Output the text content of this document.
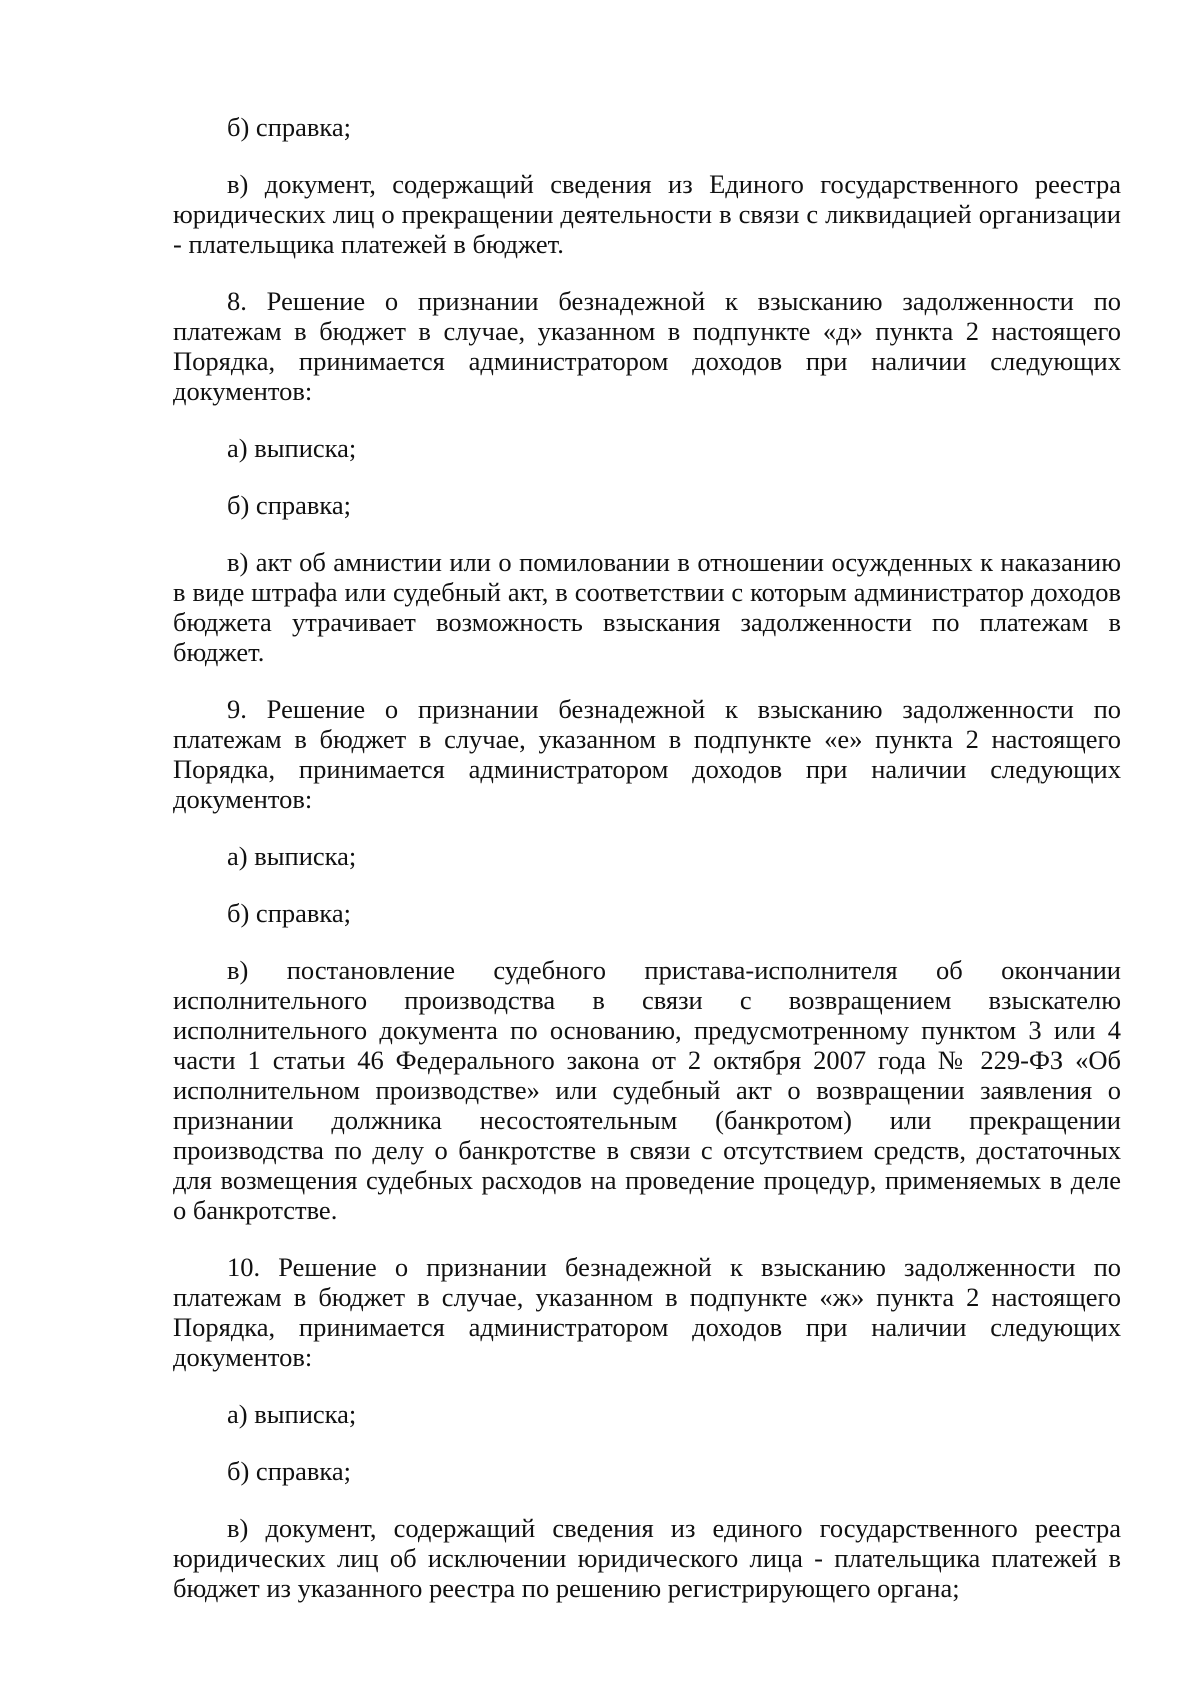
б) справка;

в) документ, содержащий сведения из Единого государственного реестра юридических лиц о прекращении деятельности в связи с ликвидацией организации - плательщика платежей в бюджет.

8. Решение о признании безнадежной к взысканию задолженности по платежам в бюджет в случае, указанном в подпункте «д» пункта 2 настоящего Порядка, принимается администратором доходов при наличии следующих документов:

а) выписка;

б) справка;

в) акт об амнистии или о помиловании в отношении осужденных к наказанию в виде штрафа или судебный акт, в соответствии с которым администратор доходов бюджета утрачивает возможность взыскания задолженности по платежам в бюджет.

9. Решение о признании безнадежной к взысканию задолженности по платежам в бюджет в случае, указанном в подпункте «е» пункта 2 настоящего Порядка, принимается администратором доходов при наличии следующих документов:

а) выписка;

б) справка;

в) постановление судебного пристава-исполнителя об окончании исполнительного производства в связи с возвращением взыскателю исполнительного документа по основанию, предусмотренному пунктом 3 или 4 части 1 статьи 46 Федерального закона от 2 октября 2007 года № 229-ФЗ «Об исполнительном производстве» или судебный акт о возвращении заявления о признании должника несостоятельным (банкротом) или прекращении производства по делу о банкротстве в связи с отсутствием средств, достаточных для возмещения судебных расходов на проведение процедур, применяемых в деле о банкротстве.

10. Решение о признании безнадежной к взысканию задолженности по платежам в бюджет в случае, указанном в подпункте «ж» пункта 2 настоящего Порядка, принимается администратором доходов при наличии следующих документов:

а) выписка;

б) справка;

в) документ, содержащий сведения из единого государственного реестра юридических лиц об исключении юридического лица - плательщика платежей в бюджет из указанного реестра по решению регистрирующего органа;
